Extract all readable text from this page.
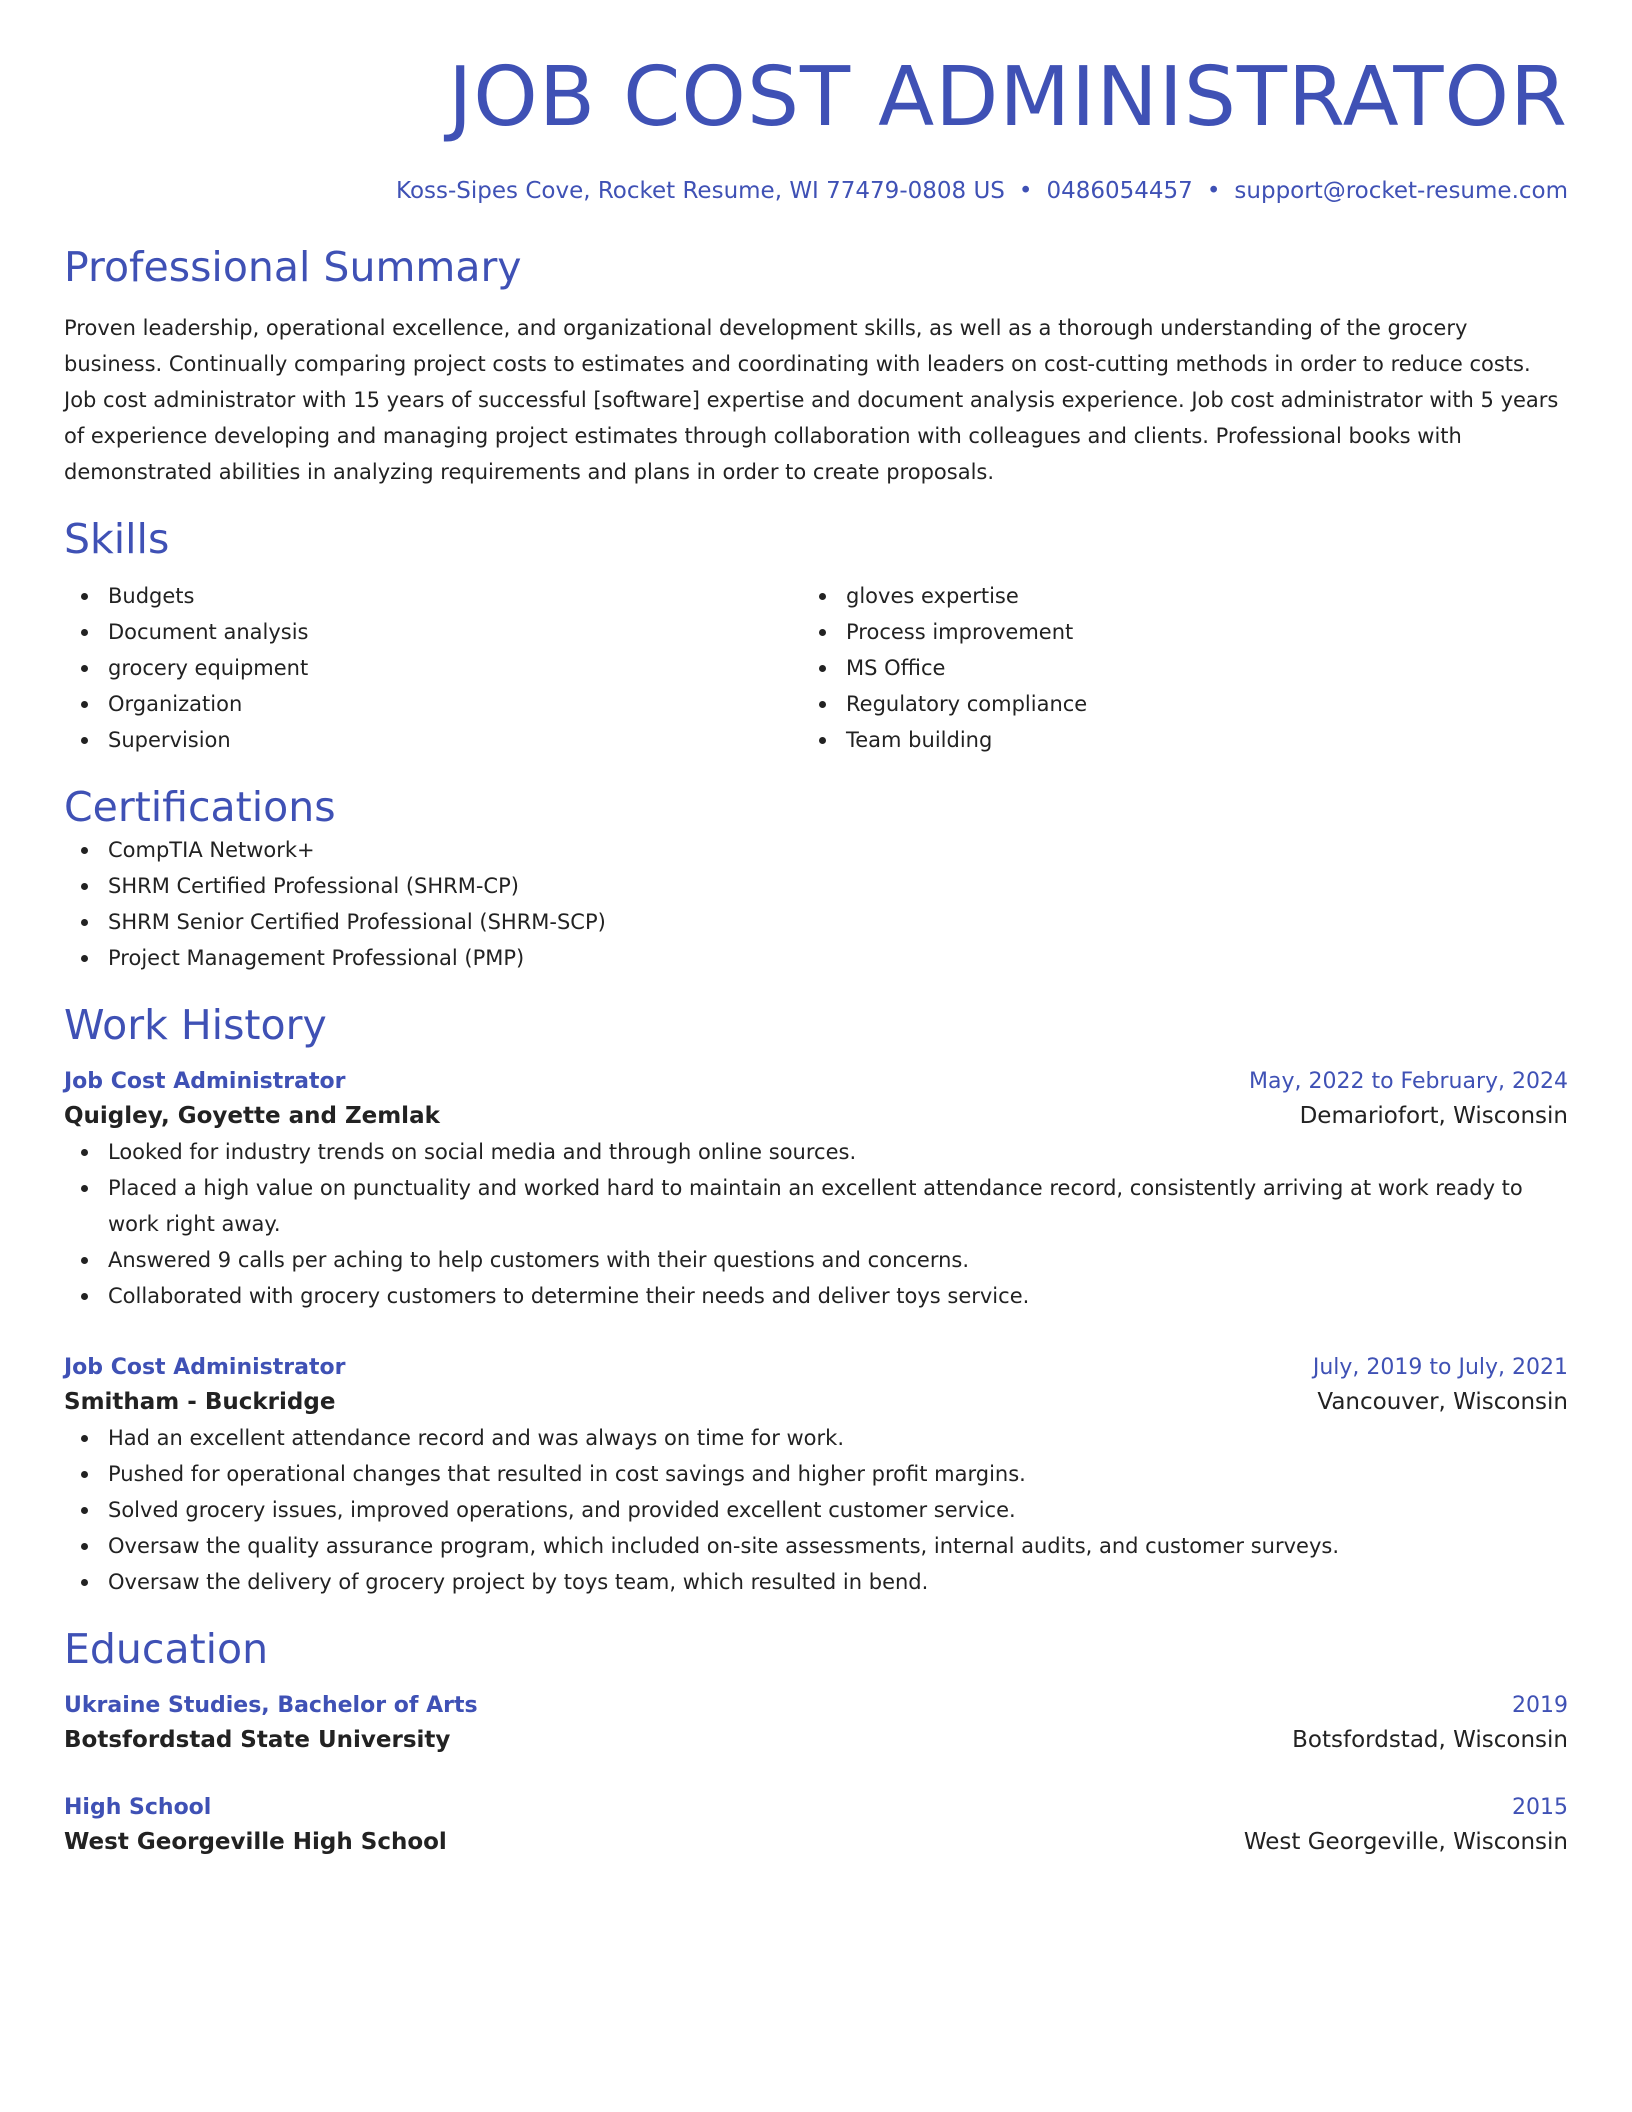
JOB COST ADMINISTRATOR
Koss-Sipes Cove, Rocket Resume, WI 77479-0808 US • 0486054457 • support@rocket-resume.com
Professional Summary

Proven leadership, operational excellence, and organizational development skills, as well as a thorough understanding of the grocery business. Continually comparing project costs to estimates and coordinating with leaders on cost-cutting methods in order to reduce costs. Job cost administrator with 15 years of successful [software] expertise and document analysis experience. Job cost administrator with 5 years of experience developing and managing project estimates through collaboration with colleagues and clients. Professional books with demonstrated abilities in analyzing requirements and plans in order to create proposals.

Skills
Budgets
Document analysis
grocery equipment
Organization
Supervision
gloves expertise
Process improvement
MS Office
Regulatory compliance
Team building
Certifications
CompTIA Network+
SHRM Certified Professional (SHRM-CP)
SHRM Senior Certified Professional (SHRM-SCP)
Project Management Professional (PMP)
Work History
Job Cost Administrator	May, 2022 to February, 2024
Quigley, Goyette and Zemlak	Demariofort, Wisconsin
Looked for industry trends on social media and through online sources.
Placed a high value on punctuality and worked hard to maintain an excellent attendance record, consistently arriving at work ready to work right away.
Answered 9 calls per aching to help customers with their questions and concerns.
Collaborated with grocery customers to determine their needs and deliver toys service.
Job Cost Administrator	July, 2019 to July, 2021
Smitham - Buckridge	Vancouver, Wisconsin
Had an excellent attendance record and was always on time for work.
Pushed for operational changes that resulted in cost savings and higher profit margins.
Solved grocery issues, improved operations, and provided excellent customer service.
Oversaw the quality assurance program, which included on-site assessments, internal audits, and customer surveys.
Oversaw the delivery of grocery project by toys team, which resulted in bend.
Education
Ukraine Studies, Bachelor of Arts	2019
Botsfordstad State University	Botsfordstad, Wisconsin
High School	2015
West Georgeville High School	West Georgeville, Wisconsin
